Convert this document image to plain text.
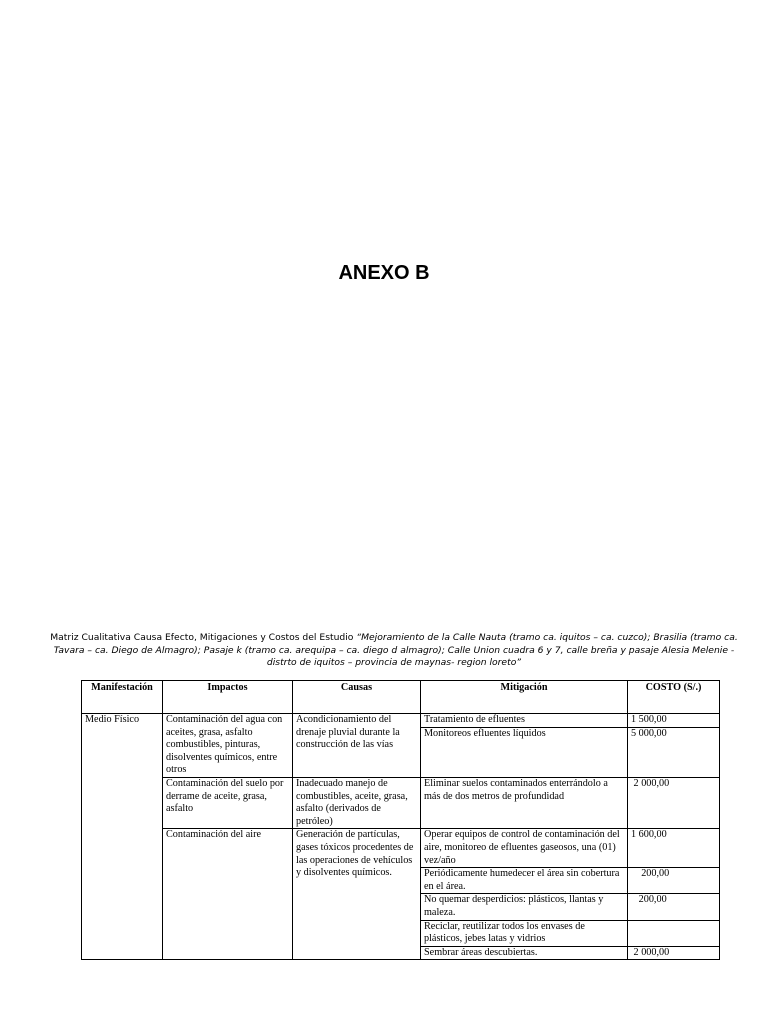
ANEXO B
Matriz Cualitativa Causa Efecto, Mitigaciones y Costos del Estudio “Mejoramiento de la Calle Nauta (tramo ca. iquitos – ca. cuzco); Brasilia (tramo ca. Tavara – ca. Diego de Almagro); Pasaje k (tramo ca. arequipa – ca. diego d almagro); Calle Union cuadra 6 y 7, calle breña y pasaje Alesia Melenie - distrto de iquitos – provincia de maynas- region loreto”
Manifestación	Impactos	Causas	Mitigación	COSTO (S/.)
Medio Físico	Contaminación del agua con aceites, grasa, asfalto combustibles, pinturas, disolventes químicos, entre otros	Acondicionamiento del drenaje pluvial durante la construcción de las vías	Tratamiento de efluentes	1 500,00
			Monitoreos efluentes líquidos	5 000,00
	Contaminación del suelo por derrame de aceite, grasa, asfalto	Inadecuado manejo de combustibles, aceite, grasa, asfalto (derivados de petróleo)	Eliminar suelos contaminados enterrándolo a más de dos metros de profundidad	2 000,00
	Contaminación del aire	Generación de partículas, gases tóxicos procedentes de las operaciones de vehículos y disolventes químicos.	Operar equipos de control de contaminación del aire, monitoreo de efluentes gaseosos, una (01) vez/año	1 600,00
			Periódicamente humedecer el área sin cobertura en el área.	200,00
			No quemar desperdicios: plásticos, llantas y maleza.	200,00
			Reciclar, reutilizar todos los envases de plásticos, jebes latas y vidrios	
			Sembrar áreas descubiertas.	2 000,00
